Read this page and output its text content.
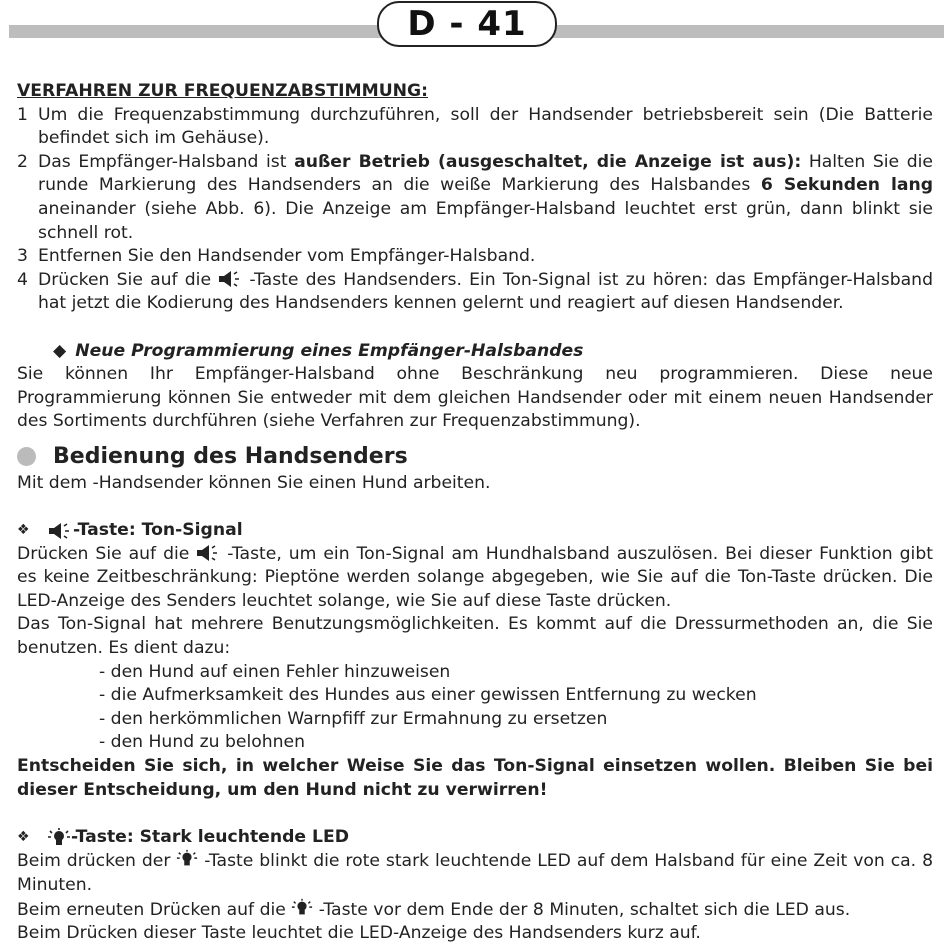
D - 41

VERFAHREN ZUR FREQUENZABSTIMMUNG:

1 Um die Frequenzabstimmung durchzuführen, soll der Handsender betriebsbereit sein (Die Batterie befindet sich im Gehäuse).
2 Das Empfänger-Halsband ist außer Betrieb (ausgeschaltet, die Anzeige ist aus): Halten Sie die runde Markierung des Handsenders an die weiße Markierung des Halsbandes 6 Sekunden lang aneinander (siehe Abb. 6). Die Anzeige am Empfänger-Halsband leuchtet erst grün, dann blinkt sie schnell rot.
3 Entfernen Sie den Handsender vom Empfänger-Halsband.
4 Drücken Sie auf die  -Taste des Handsenders. Ein Ton-Signal ist zu hören: das Empfänger-Halsband hat jetzt die Kodierung des Handsenders kennen gelernt und reagiert auf diesen Handsender.

◆ Neue Programmierung eines Empfänger-Halsbandes

Sie können Ihr Empfänger-Halsband ohne Beschränkung neu programmieren. Diese neue Programmierung können Sie entweder mit dem gleichen Handsender oder mit einem neuen Handsender des Sortiments durchführen (siehe Verfahren zur Frequenzabstimmung).

Bedienung des Handsenders

Mit dem -Handsender können Sie einen Hund arbeiten.

❖	-Taste: Ton-Signal

Drücken Sie auf die  -Taste, um ein Ton-Signal am Hundhalsband auszulösen. Bei dieser Funktion gibt es keine Zeitbeschränkung: Pieptöne werden solange abgegeben, wie Sie auf die Ton-Taste drücken. Die LED-Anzeige des Senders leuchtet solange, wie Sie auf diese Taste drücken.

Das Ton-Signal hat mehrere Benutzungsmöglichkeiten. Es kommt auf die Dressurmethoden an, die Sie benutzen. Es dient dazu:

- den Hund auf einen Fehler hinzuweisen

- die Aufmerksamkeit des Hundes aus einer gewissen Entfernung zu wecken

- den herkömmlichen Warnpfiff zur Ermahnung zu ersetzen

- den Hund zu belohnen

Entscheiden Sie sich, in welcher Weise Sie das Ton-Signal einsetzen wollen. Bleiben Sie bei dieser Entscheidung, um den Hund nicht zu verwirren!

❖	-Taste: Stark leuchtende LED

Beim drücken der  -Taste blinkt die rote stark leuchtende LED auf dem Halsband für eine Zeit von ca. 8 Minuten.

Beim erneuten Drücken auf die  -Taste vor dem Ende der 8 Minuten, schaltet sich die LED aus.

Beim Drücken dieser Taste leuchtet die LED-Anzeige des Handsenders kurz auf.
